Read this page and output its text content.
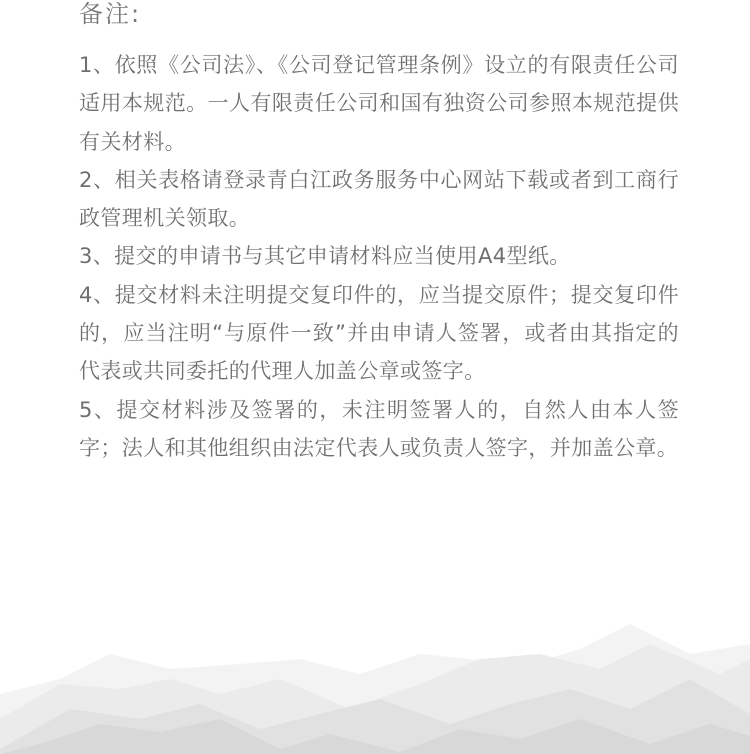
备注:

1、依照《公司法》、《公司登记管理条例》设立的有限责任公司适用本规范。一人有限责任公司和国有独资公司参照本规范提供有关材料。

2、相关表格请登录青白江政务服务中心网站下载或者到工商行政管理机关领取。

3、提交的申请书与其它申请材料应当使用A4型纸。

4、提交材料未注明提交复印件的，应当提交原件；提交复印件的，应当注明“与原件一致”并由申请人签署，或者由其指定的代表或共同委托的代理人加盖公章或签字。

5、提交材料涉及签署的，未注明签署人的，自然人由本人签字；法人和其他组织由法定代表人或负责人签字，并加盖公章。
